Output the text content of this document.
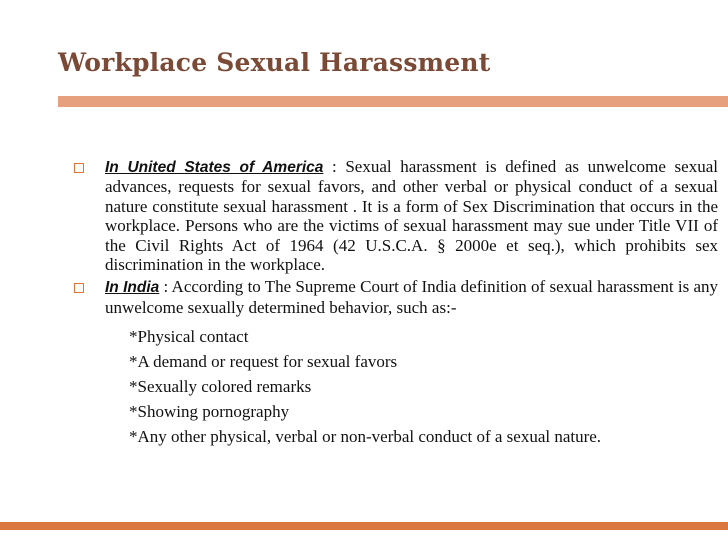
Workplace Sexual Harassment

In United States of America : Sexual harassment is defined as unwelcome sexual advances, requests for sexual favors, and other verbal or physical conduct of a sexual nature constitute sexual harassment . It is a form of Sex Discrimination that occurs in the workplace. Persons who are the victims of sexual harassment may sue under Title VII of the Civil Rights Act of 1964 (42 U.S.C.A. § 2000e et seq.), which prohibits sex discrimination in the workplace.

In India : According to The Supreme Court of India definition of sexual harassment is any unwelcome sexually determined behavior, such as:-

*Physical contact
*A demand or request for sexual favors
*Sexually colored remarks
*Showing pornography
*Any other physical, verbal or non-verbal conduct of a sexual nature.
